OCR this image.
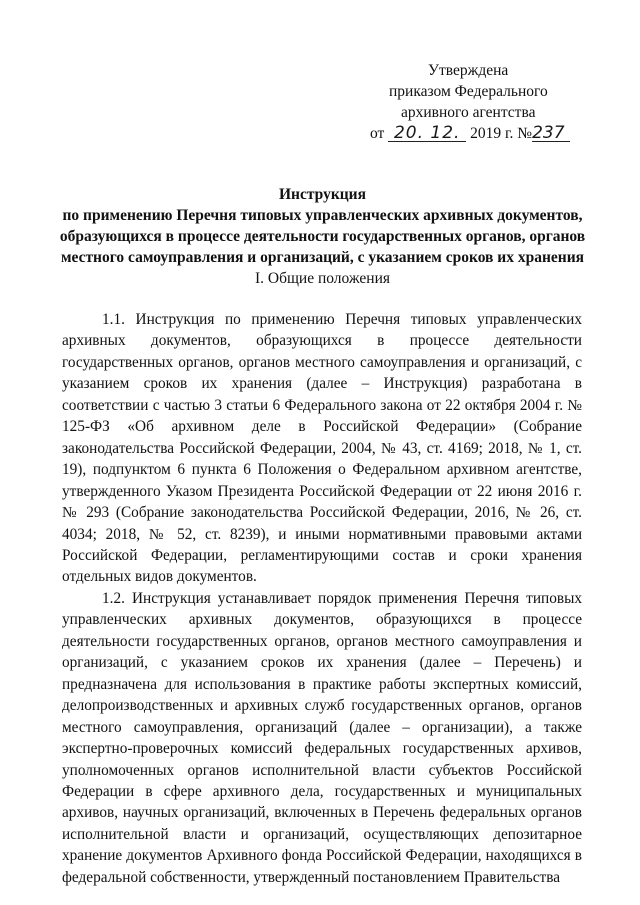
Утверждена
приказом Федерального
архивного агентства
от 20. 12. 2019 г. №237
Инструкция
по применению Перечня типовых управленческих архивных документов,
образующихся в процессе деятельности государственных органов, органов
местного самоуправления и организаций, с указанием сроков их хранения
I. Общие положения

1.1. Инструкция по применению Перечня типовых управленческих архивных документов, образующихся в процессе деятельности государственных органов, органов местного самоуправления и организаций, с указанием сроков их хранения (далее – Инструкция) разработана в соответствии с частью 3 статьи 6 Федерального закона от 22 октября 2004 г. № 125-ФЗ «Об архивном деле в Российской Федерации» (Собрание законодательства Российской Федерации, 2004, № 43, ст. 4169; 2018, № 1, ст. 19), подпунктом 6 пункта 6 Положения о Федеральном архивном агентстве, утвержденного Указом Президента Российской Федерации от 22 июня 2016 г. № 293 (Собрание законодательства Российской Федерации, 2016, № 26, ст. 4034; 2018, № 52, ст. 8239), и иными нормативными правовыми актами Российской Федерации, регламентирующими состав и сроки хранения отдельных видов документов.

1.2. Инструкция устанавливает порядок применения Перечня типовых управленческих архивных документов, образующихся в процессе деятельности государственных органов, органов местного самоуправления и организаций, с указанием сроков их хранения (далее – Перечень) и предназначена для использования в практике работы экспертных комиссий, делопроизводственных и архивных служб государственных органов, органов местного самоуправления, организаций (далее – организации), а также экспертно-проверочных комиссий федеральных государственных архивов, уполномоченных органов исполнительной власти субъектов Российской Федерации в сфере архивного дела, государственных и муниципальных архивов, научных организаций, включенных в Перечень федеральных органов исполнительной власти и организаций, осуществляющих депозитарное хранение документов Архивного фонда Российской Федерации, находящихся в федеральной собственности, утвержденный постановлением Правительства
